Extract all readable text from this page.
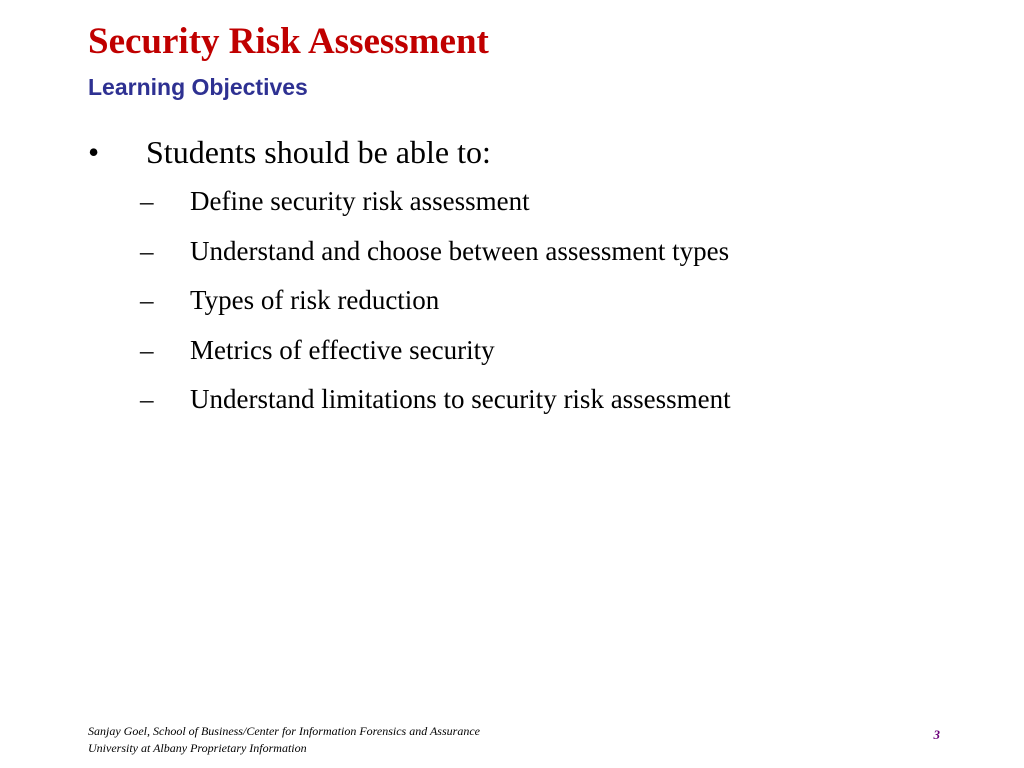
Security Risk Assessment
Learning Objectives
• Students should be able to:
– Define security risk assessment
– Understand and choose between assessment types
– Types of risk reduction
– Metrics of effective security
– Understand limitations to security risk assessment
Sanjay Goel, School of Business/Center for Information Forensics and Assurance
University at Albany Proprietary Information
3
